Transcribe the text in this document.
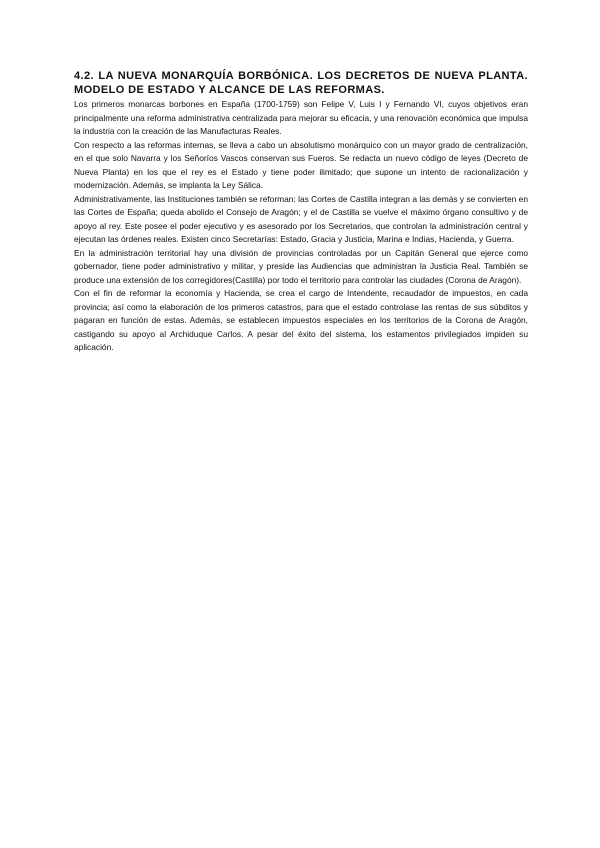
4.2. LA NUEVA MONARQUÍA BORBÓNICA. LOS DECRETOS DE NUEVA PLANTA. MODELO DE ESTADO Y ALCANCE DE LAS REFORMAS.

Los primeros monarcas borbones en España (1700-1759) son Felipe V, Luis I y Fernando VI, cuyos objetivos eran principalmente una reforma administrativa centralizada para mejorar su eficacia, y una renovación económica que impulsa la industria con la creación de las Manufacturas Reales.

Con respecto a las reformas internas, se lleva a cabo un absolutismo monárquico con un mayor grado de centralización, en el que solo Navarra y los Señoríos Vascos conservan sus Fueros. Se redacta un nuevo código de leyes (Decreto de Nueva Planta) en los que el rey es el Estado y tiene poder ilimitado; que supone un intento de racionalización y modernización. Además, se implanta la Ley Sálica.

Administrativamente, las Instituciones también se reforman: las Cortes de Castilla integran a las demás y se convierten en las Cortes de España; queda abolido el Consejo de Aragón; y el de Castilla se vuelve el máximo órgano consultivo y de apoyo al rey. Este posee el poder ejecutivo y es asesorado por los Secretarios, que controlan la administración central y ejecutan las órdenes reales. Existen cinco Secretarías: Estado, Gracia y Justicia, Marina e Indias, Hacienda, y Guerra.

En la administración territorial hay una división de provincias controladas por un Capitán General que ejerce como gobernador, tiene poder administrativo y militar, y preside las Audiencias que administran la Justicia Real. También se produce una extensión de los corregidores(Castilla) por todo el territorio para controlar las ciudades (Corona de Aragón).

Con el fin de reformar la economía y Hacienda, se crea el cargo de Intendente, recaudador de impuestos, en cada provincia; así como la elaboración de los primeros catastros, para que el estado controlase las rentas de sus súbditos y pagaran en función de estas. Además, se establecen impuestos especiales en los territorios de la Corona de Aragón, castigando su apoyo al Archiduque Carlos. A pesar del éxito del sistema, los estamentos privilegiados impiden su aplicación.
